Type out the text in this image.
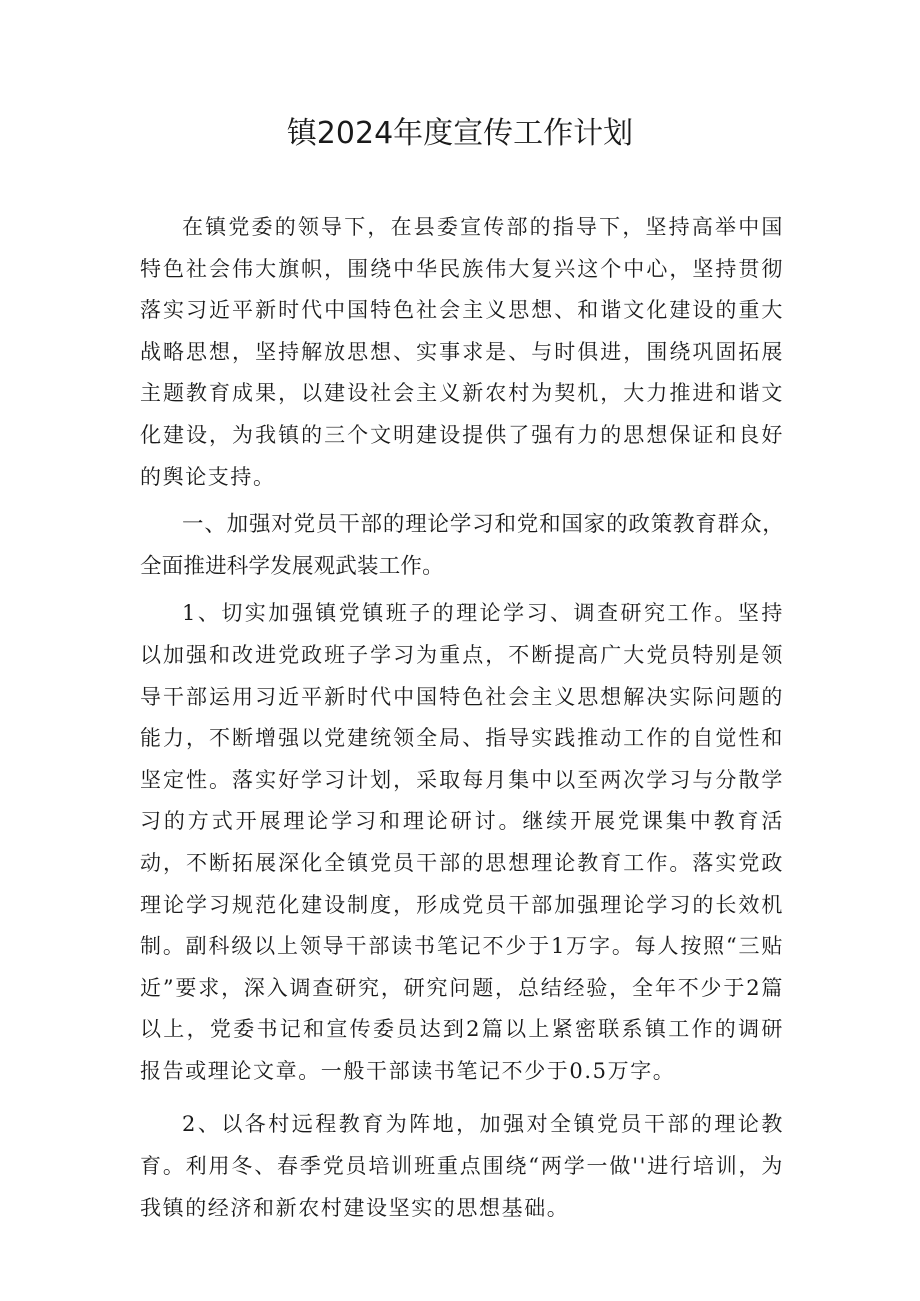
镇2024年度宣传工作计划

在镇党委的领导下，在县委宣传部的指导下，坚持高举中国特色社会伟大旗帜，围绕中华民族伟大复兴这个中心，坚持贯彻落实习近平新时代中国特色社会主义思想、和谐文化建设的重大战略思想，坚持解放思想、实事求是、与时俱进，围绕巩固拓展主题教育成果，以建设社会主义新农村为契机，大力推进和谐文化建设，为我镇的三个文明建设提供了强有力的思想保证和良好的舆论支持。

一、加强对党员干部的理论学习和党和国家的政策教育群众，全面推进科学发展观武装工作。

1、切实加强镇党镇班子的理论学习、调查研究工作。坚持以加强和改进党政班子学习为重点，不断提高广大党员特别是领导干部运用习近平新时代中国特色社会主义思想解决实际问题的能力，不断增强以党建统领全局、指导实践推动工作的自觉性和坚定性。落实好学习计划，采取每月集中以至两次学习与分散学习的方式开展理论学习和理论研讨。继续开展党课集中教育活动，不断拓展深化全镇党员干部的思想理论教育工作。落实党政理论学习规范化建设制度，形成党员干部加强理论学习的长效机制。副科级以上领导干部读书笔记不少于1万字。每人按照“三贴近”要求，深入调查研究，研究问题，总结经验，全年不少于2篇以上，党委书记和宣传委员达到2篇以上紧密联系镇工作的调研报告或理论文章。一般干部读书笔记不少于0.5万字。

2、以各村远程教育为阵地，加强对全镇党员干部的理论教育。利用冬、春季党员培训班重点围绕“两学一做''进行培训，为我镇的经济和新农村建设坚实的思想基础。
